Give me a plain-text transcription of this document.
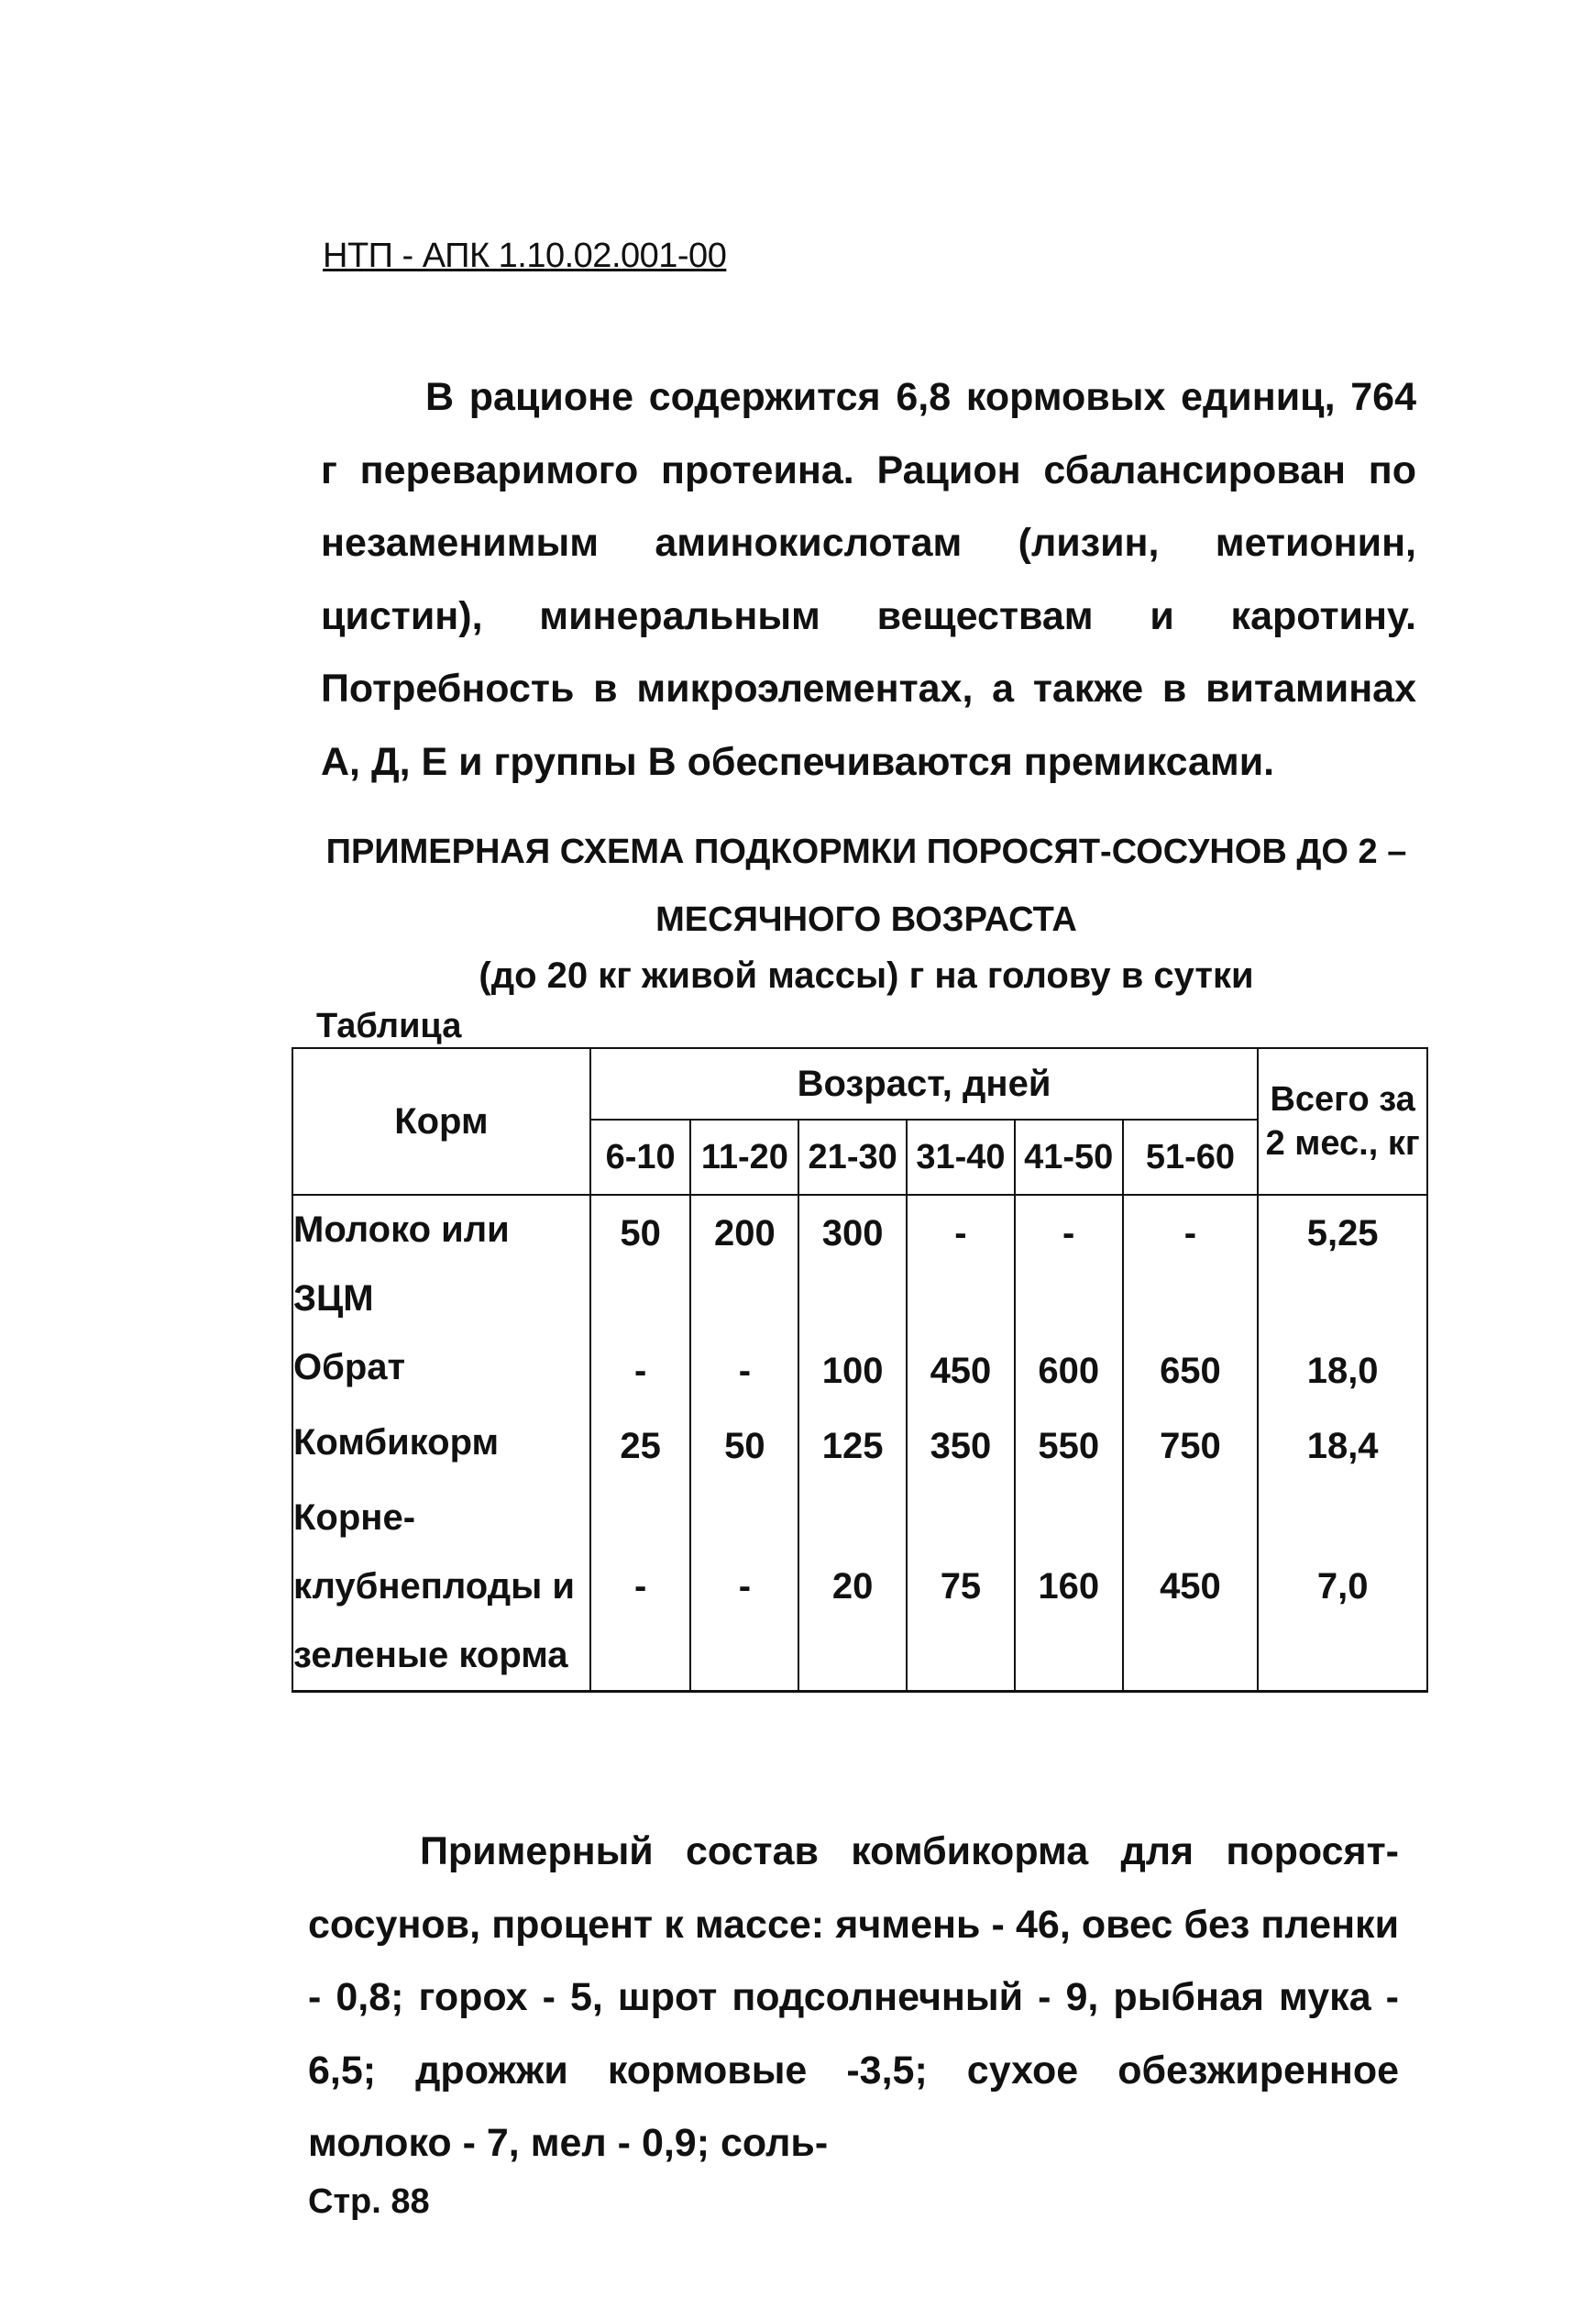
НТП - АПК 1.10.02.001-00
В рационе содержится 6,8 кормовых единиц, 764 г переваримого протеина. Рацион сбалансирован по незаменимым аминокислотам (лизин, метионин, цистин), минеральным веществам и каротину. Потребность в микроэлементах, а также в витаминах А, Д, Е и группы В обеспечиваются премиксами.
ПРИМЕРНАЯ СХЕМА ПОДКОРМКИ ПОРОСЯТ-СОСУНОВ ДО 2 –
МЕСЯЧНОГО ВОЗРАСТА
(до 20 кг живой массы) г на голову в сутки
Таблица
Корм	Возраст, дней						Всего за 2 мес., кг
	6-10	11-20	21-30	31-40	41-50	51-60	
Молоко или ЗЦМ	50	200	300	-	-	-	5,25
Обрат	-	-	100	450	600	650	18,0
Комбикорм	25	50	125	350	550	750	18,4
Корне-клубнеплоды и зеленые корма	-	-	20	75	160	450	7,0
Примерный состав комбикорма для поросят-сосунов, процент к массе: ячмень - 46, овес без пленки - 0,8; горох - 5, шрот подсолнечный - 9, рыбная мука - 6,5; дрожжи кормовые -3,5; сухое обезжиренное молоко - 7, мел - 0,9; соль-
Стр. 88
